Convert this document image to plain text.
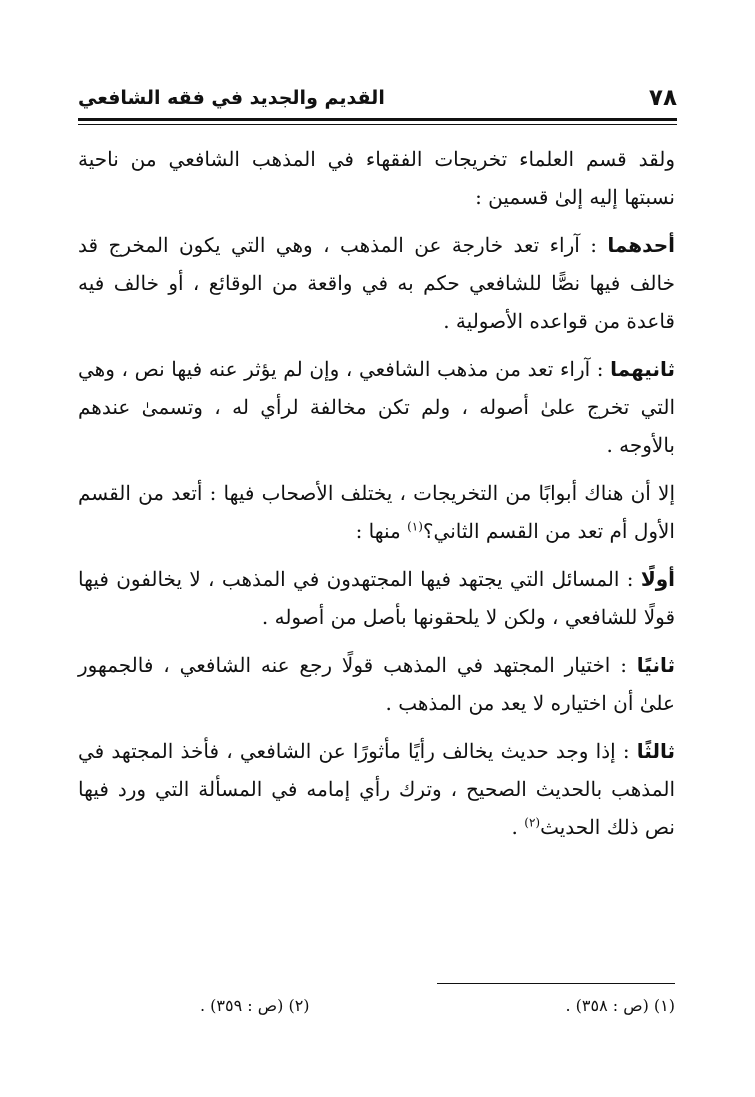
٧٨
القديم والجديد في فقه الشافعي

ولقد قسم العلماء تخريجات الفقهاء في المذهب الشافعي من ناحية نسبتها إليه إلىٰ قسمين :

أحدهما : آراء تعد خارجة عن المذهب ، وهي التي يكون المخرج قد خالف فيها نصًّا للشافعي حكم به في واقعة من الوقائع ، أو خالف فيه قاعدة من قواعده الأصولية .

ثانيهما : آراء تعد من مذهب الشافعي ، وإن لم يؤثر عنه فيها نص ، وهي التي تخرج علىٰ أصوله ، ولم تكن مخالفة لرأي له ، وتسمىٰ عندهم بالأوجه .

إلا أن هناك أبوابًا من التخريجات ، يختلف الأصحاب فيها : أتعد من القسم الأول أم تعد من القسم الثاني؟$^{(١)}$ منها :

أولًا : المسائل التي يجتهد فيها المجتهدون في المذهب ، لا يخالفون فيها قولًا للشافعي ، ولكن لا يلحقونها بأصل من أصوله .

ثانيًا : اختيار المجتهد في المذهب قولًا رجع عنه الشافعي ، فالجمهور علىٰ أن اختياره لا يعد من المذهب .

ثالثًا : إذا وجد حديث يخالف رأيًا مأثورًا عن الشافعي ، فأخذ المجتهد في المذهب بالحديث الصحيح ، وترك رأي إمامه في المسألة التي ورد فيها نص ذلك الحديث$^{(٢)}$ .

(١) (ص : ٣٥٨) .
(٢) (ص : ٣٥٩) .
